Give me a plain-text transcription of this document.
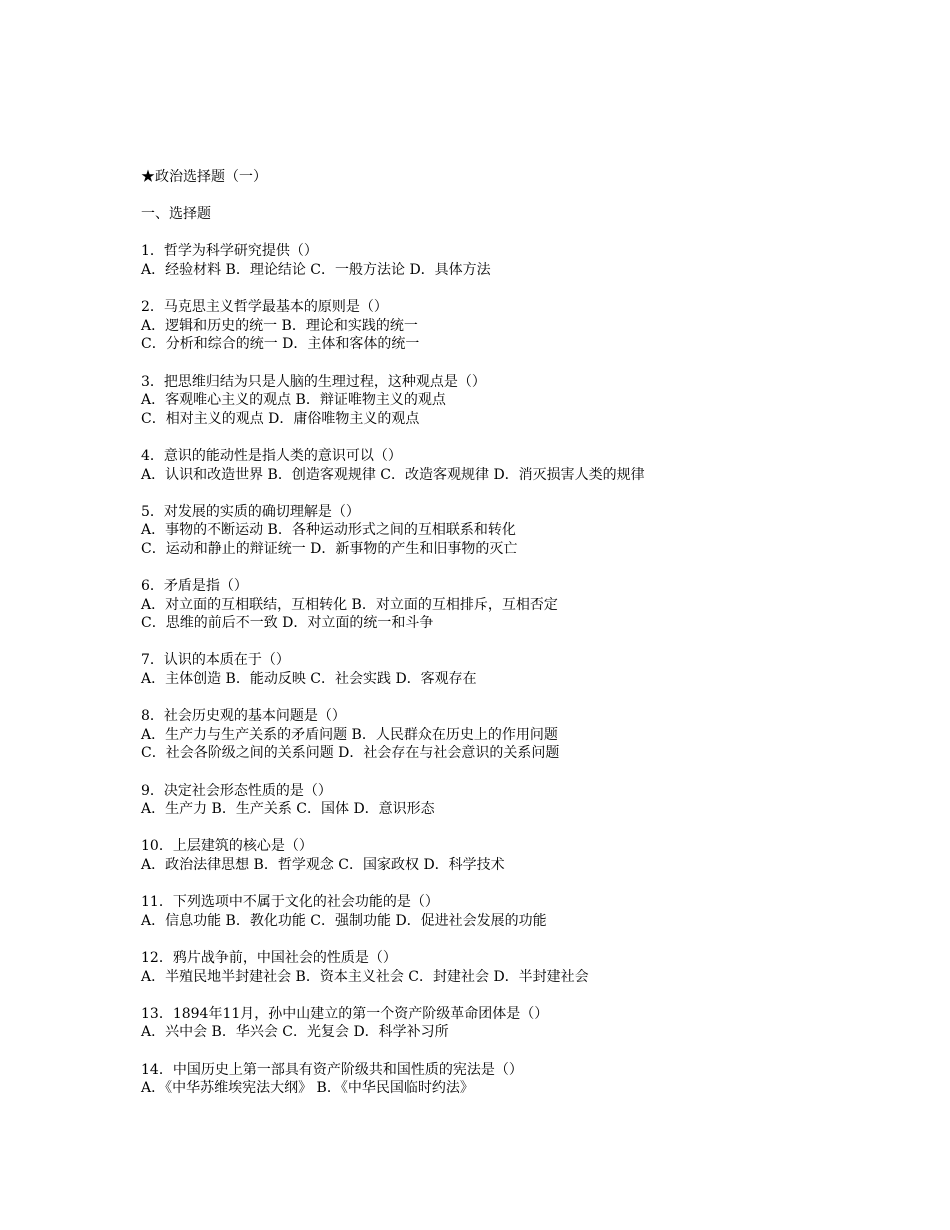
★政治选择题（一）
一、选择题
1．哲学为科学研究提供（）
A．经验材料 B．理论结论 C．一般方法论 D．具体方法
2．马克思主义哲学最基本的原则是（）
A．逻辑和历史的统一 B．理论和实践的统一
C．分析和综合的统一 D．主体和客体的统一
3．把思维归结为只是人脑的生理过程，这种观点是（）
A．客观唯心主义的观点 B．辩证唯物主义的观点
C．相对主义的观点 D．庸俗唯物主义的观点
4．意识的能动性是指人类的意识可以（）
A．认识和改造世界 B．创造客观规律 C．改造客观规律 D．消灭损害人类的规律
5．对发展的实质的确切理解是（）
A．事物的不断运动 B．各种运动形式之间的互相联系和转化
C．运动和静止的辩证统一 D．新事物的产生和旧事物的灭亡
6．矛盾是指（）
A．对立面的互相联结，互相转化 B．对立面的互相排斥，互相否定
C．思维的前后不一致 D．对立面的统一和斗争
7．认识的本质在于（）
A．主体创造 B．能动反映 C．社会实践 D．客观存在
8．社会历史观的基本问题是（）
A．生产力与生产关系的矛盾问题 B．人民群众在历史上的作用问题
C．社会各阶级之间的关系问题 D．社会存在与社会意识的关系问题
9．决定社会形态性质的是（）
A．生产力 B．生产关系 C．国体 D．意识形态
10．上层建筑的核心是（）
A．政治法律思想 B．哲学观念 C．国家政权 D．科学技术
11．下列选项中不属于文化的社会功能的是（）
A．信息功能 B．教化功能 C．强制功能 D．促进社会发展的功能
12．鸦片战争前，中国社会的性质是（）
A．半殖民地半封建社会 B．资本主义社会 C．封建社会 D．半封建社会
13．1894年11月，孙中山建立的第一个资产阶级革命团体是（）
A．兴中会 B．华兴会 C．光复会 D．科学补习所
14．中国历史上第一部具有资产阶级共和国性质的宪法是（）
A．《中华苏维埃宪法大纲》 B．《中华民国临时约法》
